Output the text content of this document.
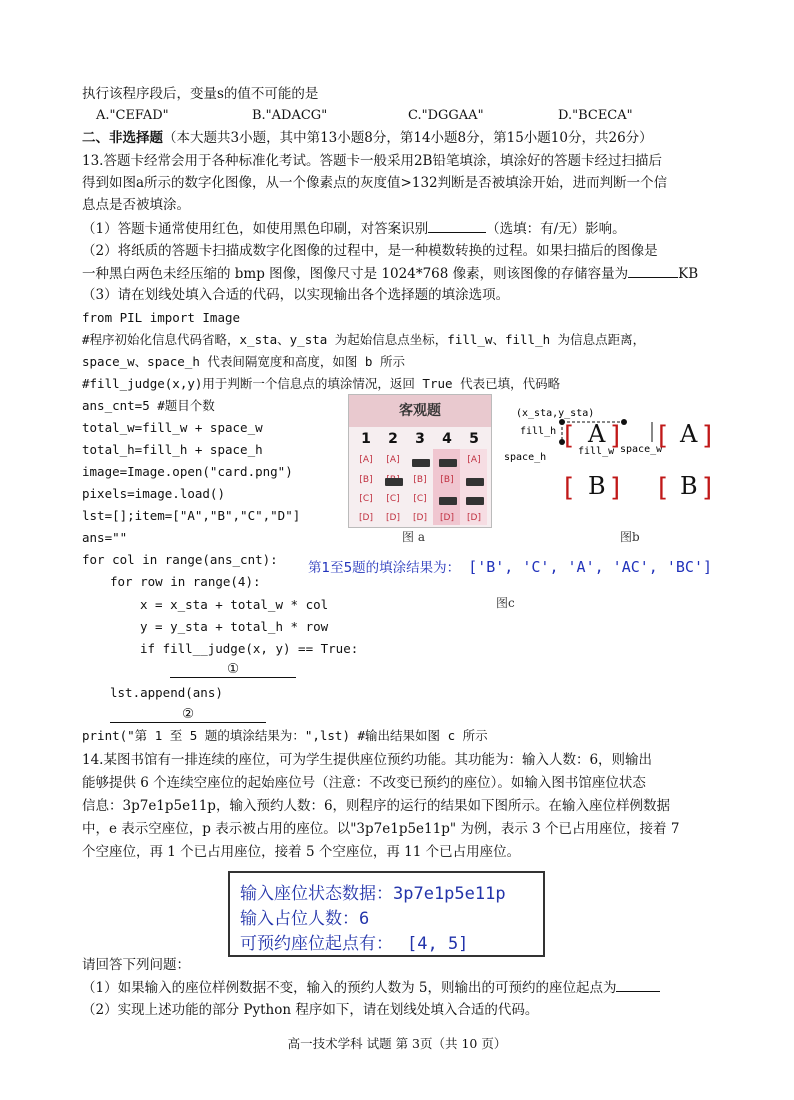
执行该程序段后，变量s的值不可能的是
A."CEFAD"	B."ADACG"	C."DGGAA"	D."BCECA"
二、非选择题（本大题共3小题，其中第13小题8分，第14小题8分，第15小题10分，共26分）
13.答题卡经常会用于各种标准化考试。答题卡一般采用2B铅笔填涂，填涂好的答题卡经过扫描后
得到如图a所示的数字化图像，从一个像素点的灰度值>132判断是否被填涂开始，进而判断一个信
息点是否被填涂。
（1）答题卡通常使用红色，如使用黑色印刷，对答案识别	（选填：有/无）影响。
（2）将纸质的答题卡扫描成数字化图像的过程中，是一种模数转换的过程。如果扫描后的图像是
一种黑白两色未经压缩的 bmp 图像，图像尺寸是 1024*768 像素，则该图像的存储容量为	KB
（3）请在划线处填入合适的代码，以实现输出各个选择题的填涂选项。
from PIL import Image
#程序初始化信息代码省略，x_sta、y_sta 为起始信息点坐标，fill_w、fill_h 为信息点距离，
space_w、space_h 代表间隔宽度和高度，如图 b 所示
#fill_judge(x,y)用于判断一个信息点的填涂情况，返回 True 代表已填，代码略
ans_cnt=5 #题目个数
total_w=fill_w + space_w
total_h=fill_h + space_h
image=Image.open("card.png")
pixels=image.load()
lst=[];item=["A","B","C","D"]
ans=""
for col in range(ans_cnt):
for row in range(4):
x = x_sta + total_w * col
y = y_sta + total_h * row
if fill__judge(x, y) == True:
①
lst.append(ans)
②
print("第 1 至 5 题的填涂结果为：",lst) #输出结果如图 c 所示
客观题
1	2	3	4	5
[A]
[B]
[C]
[D]
[A]
[C]
[D]
[B]
[C]
[D]
[B]
[D]
[A]
[D]
图 a
(x_sta,y_sta)
fill_h
space_h
fill_w space_w
[ A ] [ A ]
[ B ] [ B ]
图b
第1至5题的填涂结果为： ['B', 'C', 'A', 'AC', 'BC']
图c
14.某图书馆有一排连续的座位，可为学生提供座位预约功能。其功能为：输入人数：6，则输出
能够提供 6 个连续空座位的起始座位号（注意：不改变已预约的座位）。如输入图书馆座位状态
信息：3p7e1p5e11p，输入预约人数：6，则程序的运行的结果如下图所示。在输入座位样例数据
中，e 表示空座位，p 表示被占用的座位。以"3p7e1p5e11p" 为例，表示 3 个已占用座位，接着 7
个空座位，再 1 个已占用座位，接着 5 个空座位，再 11 个已占用座位。
输入座位状态数据：3p7e1p5e11p
输入占位人数：6
可预约座位起点有： [4, 5]
请回答下列问题：
（1）如果输入的座位样例数据不变，输入的预约人数为 5，则输出的可预约的座位起点为
（2）实现上述功能的部分 Python 程序如下，请在划线处填入合适的代码。
高一技术学科 试题 第 3页（共 10 页）
